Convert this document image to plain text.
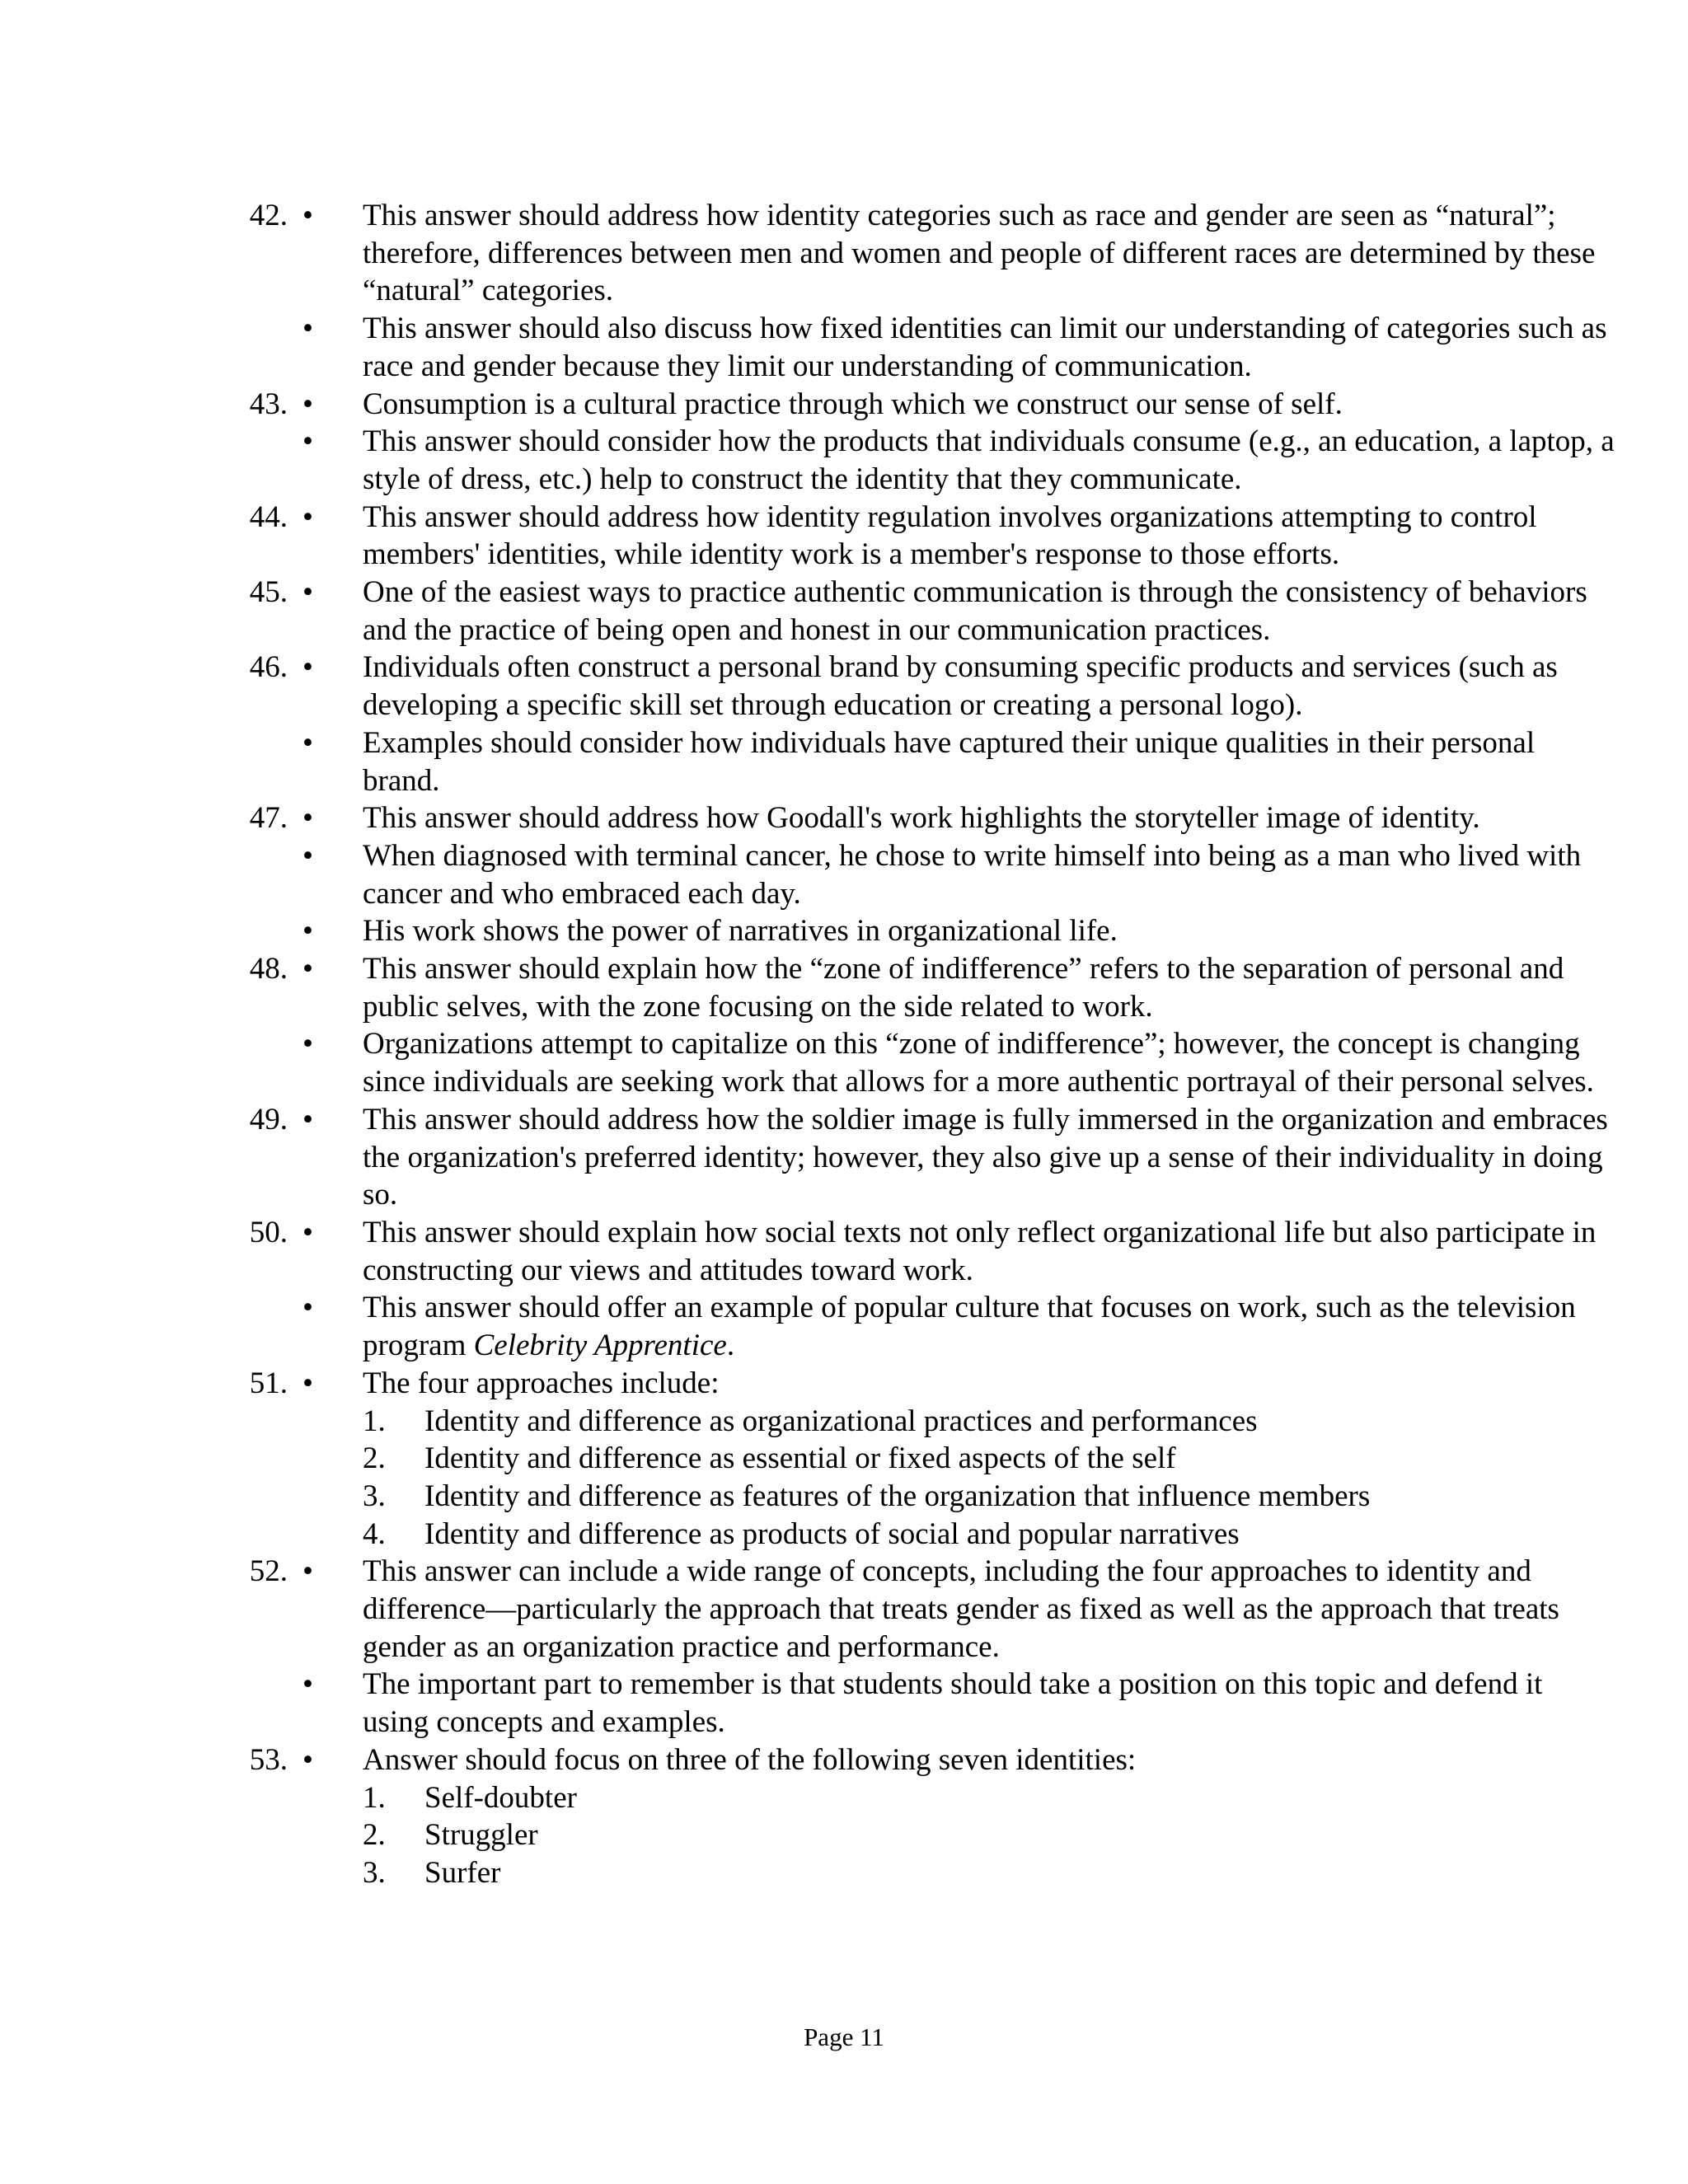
42. • This answer should address how identity categories such as race and gender are seen as “natural”; therefore, differences between men and women and people of different races are determined by these “natural” categories.
• This answer should also discuss how fixed identities can limit our understanding of categories such as race and gender because they limit our understanding of communication.
43. • Consumption is a cultural practice through which we construct our sense of self.
• This answer should consider how the products that individuals consume (e.g., an education, a laptop, a style of dress, etc.) help to construct the identity that they communicate.
44. • This answer should address how identity regulation involves organizations attempting to control members' identities, while identity work is a member's response to those efforts.
45. • One of the easiest ways to practice authentic communication is through the consistency of behaviors and the practice of being open and honest in our communication practices.
46. • Individuals often construct a personal brand by consuming specific products and services (such as developing a specific skill set through education or creating a personal logo).
• Examples should consider how individuals have captured their unique qualities in their personal brand.
47. • This answer should address how Goodall's work highlights the storyteller image of identity.
• When diagnosed with terminal cancer, he chose to write himself into being as a man who lived with cancer and who embraced each day.
• His work shows the power of narratives in organizational life.
48. • This answer should explain how the “zone of indifference” refers to the separation of personal and public selves, with the zone focusing on the side related to work.
• Organizations attempt to capitalize on this “zone of indifference”; however, the concept is changing since individuals are seeking work that allows for a more authentic portrayal of their personal selves.
49. • This answer should address how the soldier image is fully immersed in the organization and embraces the organization's preferred identity; however, they also give up a sense of their individuality in doing so.
50. • This answer should explain how social texts not only reflect organizational life but also participate in constructing our views and attitudes toward work.
• This answer should offer an example of popular culture that focuses on work, such as the television program Celebrity Apprentice.
51. • The four approaches include:
1. Identity and difference as organizational practices and performances
2. Identity and difference as essential or fixed aspects of the self
3. Identity and difference as features of the organization that influence members
4. Identity and difference as products of social and popular narratives
52. • This answer can include a wide range of concepts, including the four approaches to identity and difference—particularly the approach that treats gender as fixed as well as the approach that treats gender as an organization practice and performance.
• The important part to remember is that students should take a position on this topic and defend it using concepts and examples.
53. • Answer should focus on three of the following seven identities:
1. Self-doubter
2. Struggler
3. Surfer
Page 11
